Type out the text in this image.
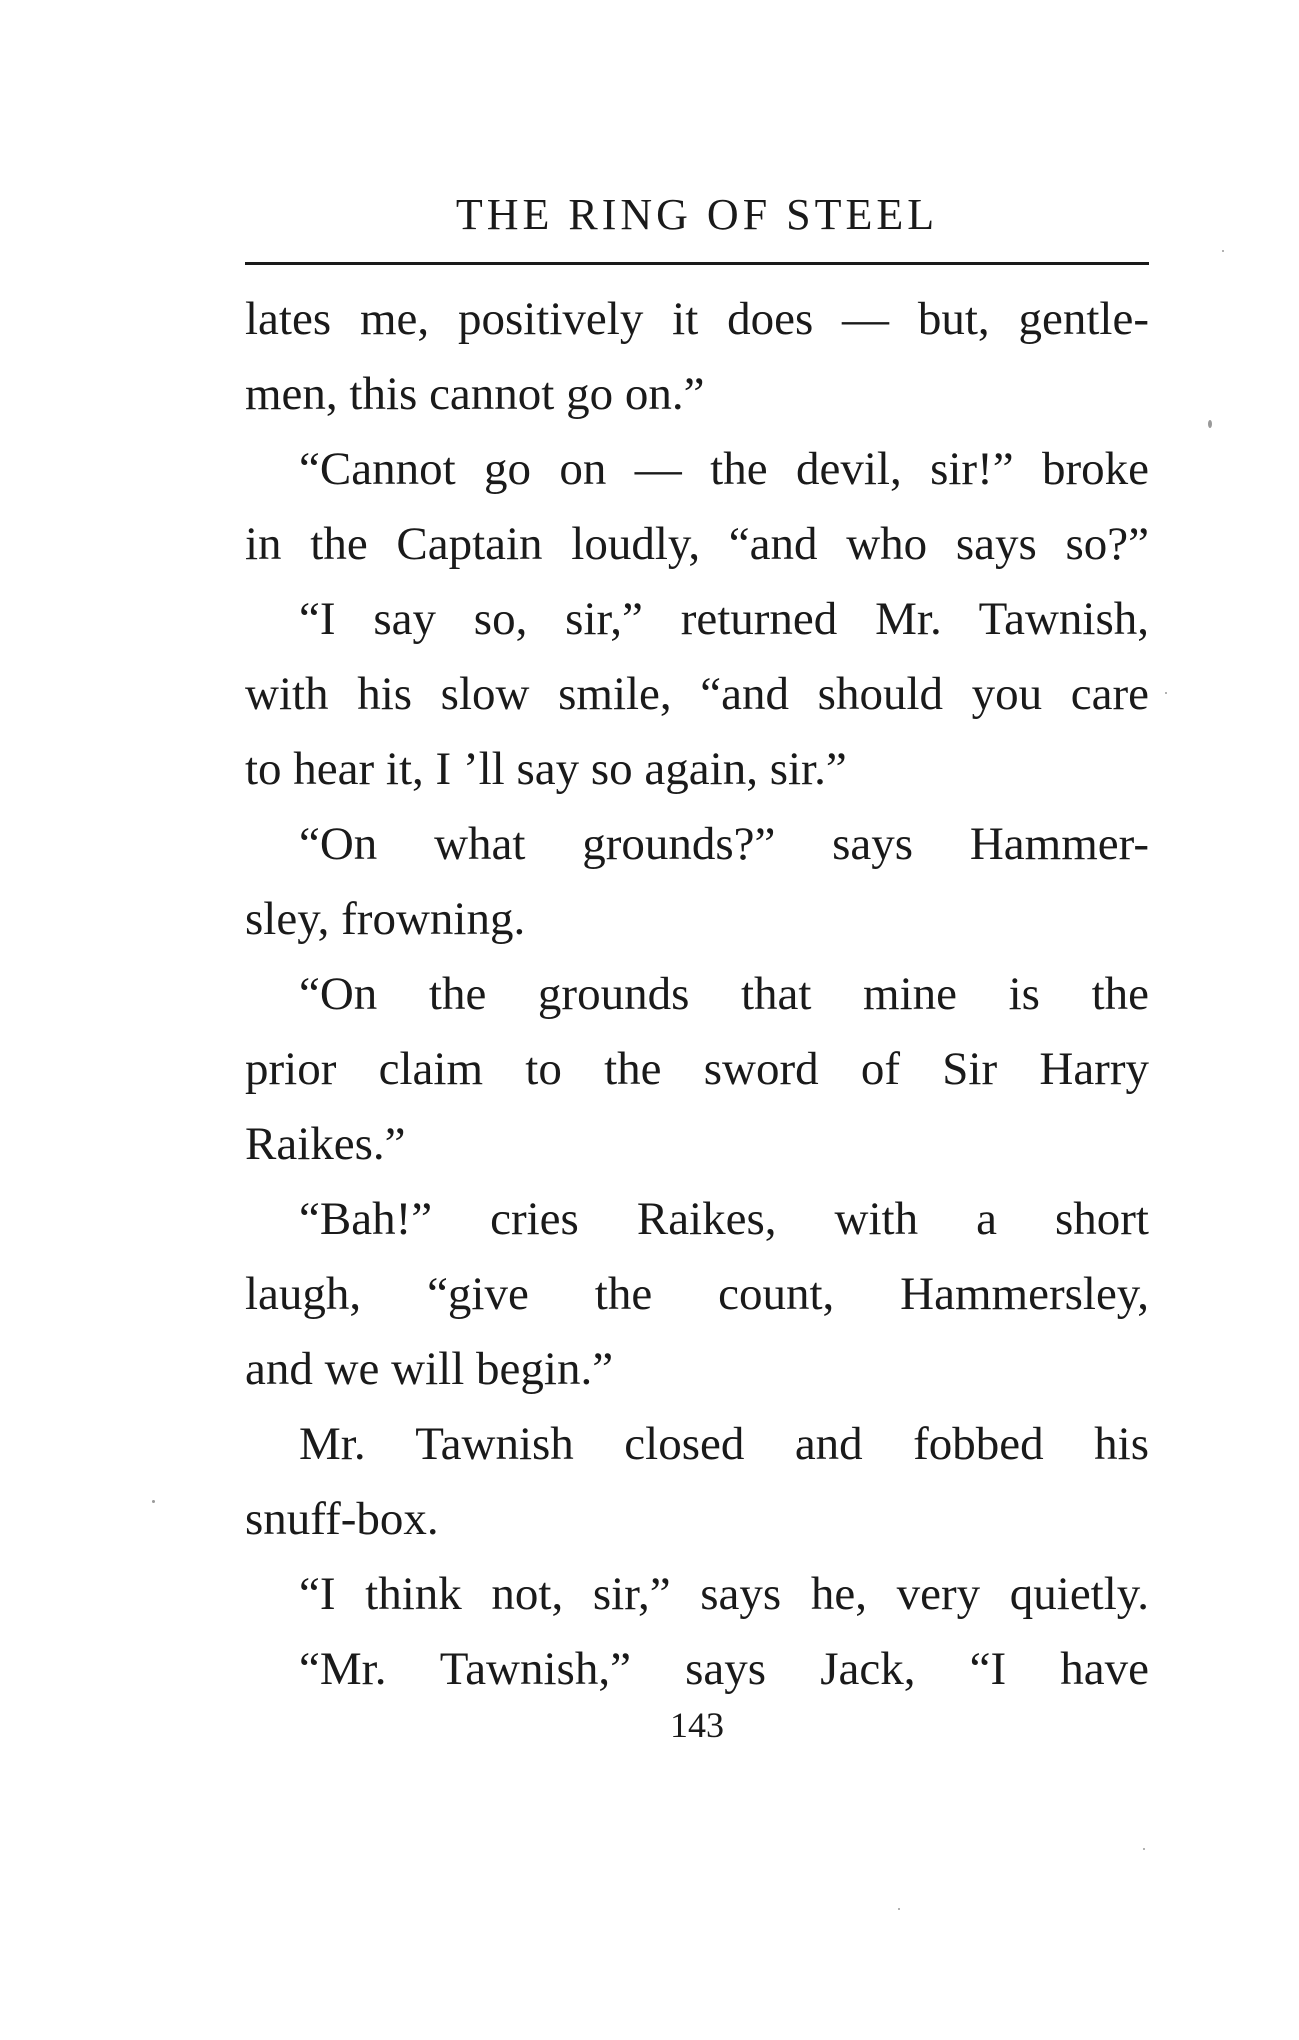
THE RING OF STEEL
lates me, positively it does — but, gentle-
men, this cannot go on.”
“Cannot go on — the devil, sir!” broke
in the Captain loudly, “and who says so?”
“I say so, sir,” returned Mr. Tawnish,
with his slow smile, “and should you care
to hear it, I ’ll say so again, sir.”
“On what grounds?” says Hammer-
sley, frowning.
“On the grounds that mine is the
prior claim to the sword of Sir Harry
Raikes.”
“Bah!” cries Raikes, with a short
laugh, “give the count, Hammersley,
and we will begin.”
Mr. Tawnish closed and fobbed his
snuff-box.
“I think not, sir,” says he, very quietly.
“Mr. Tawnish,” says Jack, “I have
143
